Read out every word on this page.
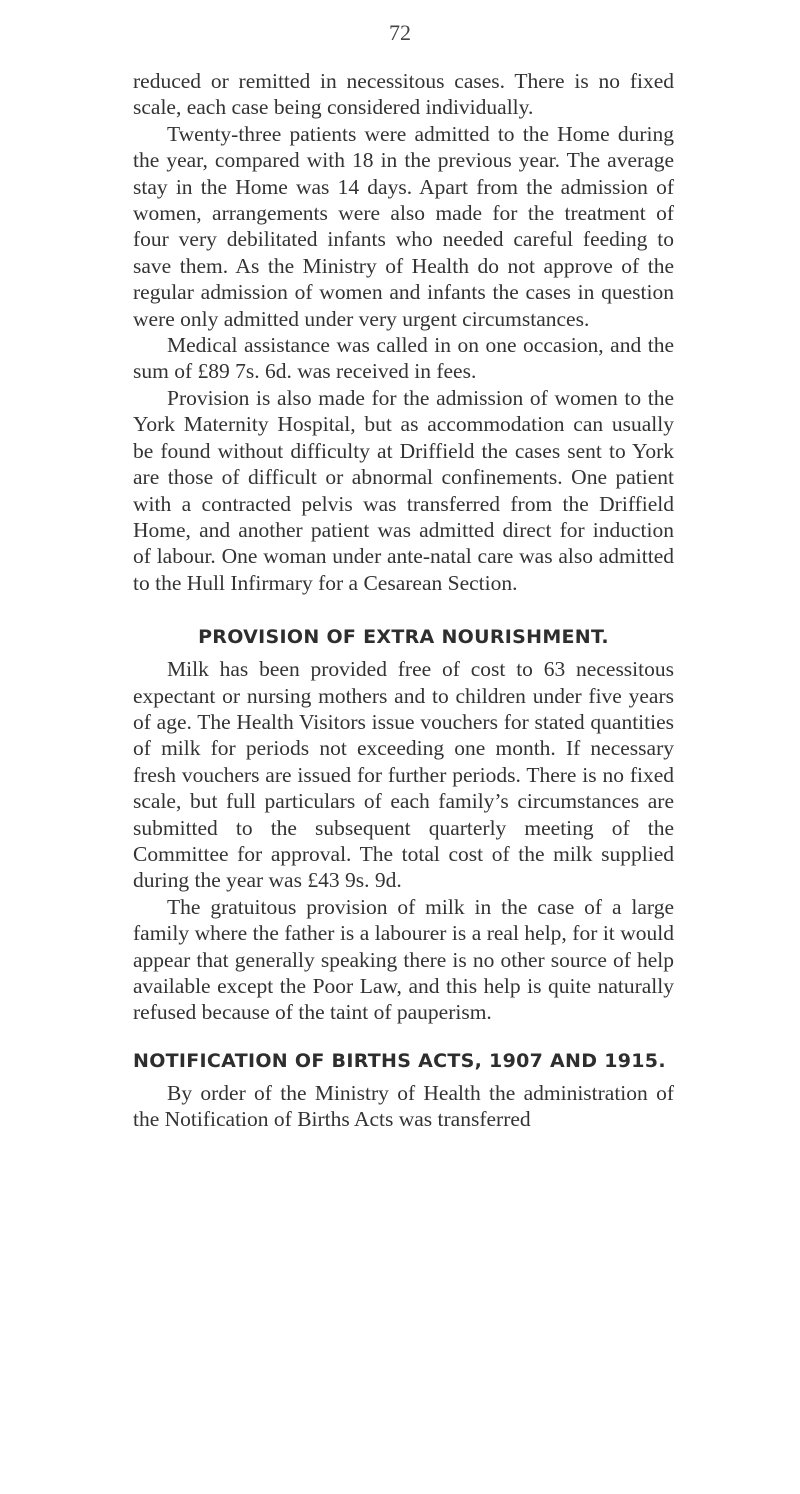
72

reduced or remitted in necessitous cases. There is no fixed scale, each case being considered individually.

Twenty-three patients were admitted to the Home during the year, compared with 18 in the previous year. The average stay in the Home was 14 days. Apart from the admission of women, arrangements were also made for the treatment of four very debilitated infants who needed careful feeding to save them. As the Ministry of Health do not approve of the regular admission of women and infants the cases in question were only admitted under very urgent circumstances.

Medical assistance was called in on one occasion, and the sum of £89 7s. 6d. was received in fees.

Provision is also made for the admission of women to the York Maternity Hospital, but as accommodation can usually be found without difficulty at Driffield the cases sent to York are those of difficult or abnormal confinements. One patient with a contracted pelvis was transferred from the Driffield Home, and another patient was admitted direct for induction of labour. One woman under ante-natal care was also admitted to the Hull Infirmary for a Cesarean Section.

PROVISION OF EXTRA NOURISHMENT.

Milk has been provided free of cost to 63 necessitous expectant or nursing mothers and to children under five years of age. The Health Visitors issue vouchers for stated quantities of milk for periods not exceeding one month. If necessary fresh vouchers are issued for further periods. There is no fixed scale, but full particulars of each family’s circumstances are submitted to the subsequent quarterly meeting of the Committee for approval. The total cost of the milk supplied during the year was £43 9s. 9d.

The gratuitous provision of milk in the case of a large family where the father is a labourer is a real help, for it would appear that generally speaking there is no other source of help available except the Poor Law, and this help is quite naturally refused because of the taint of pauperism.

NOTIFICATION OF BIRTHS ACTS, 1907 AND 1915.

By order of the Ministry of Health the administration of the Notification of Births Acts was transferred
